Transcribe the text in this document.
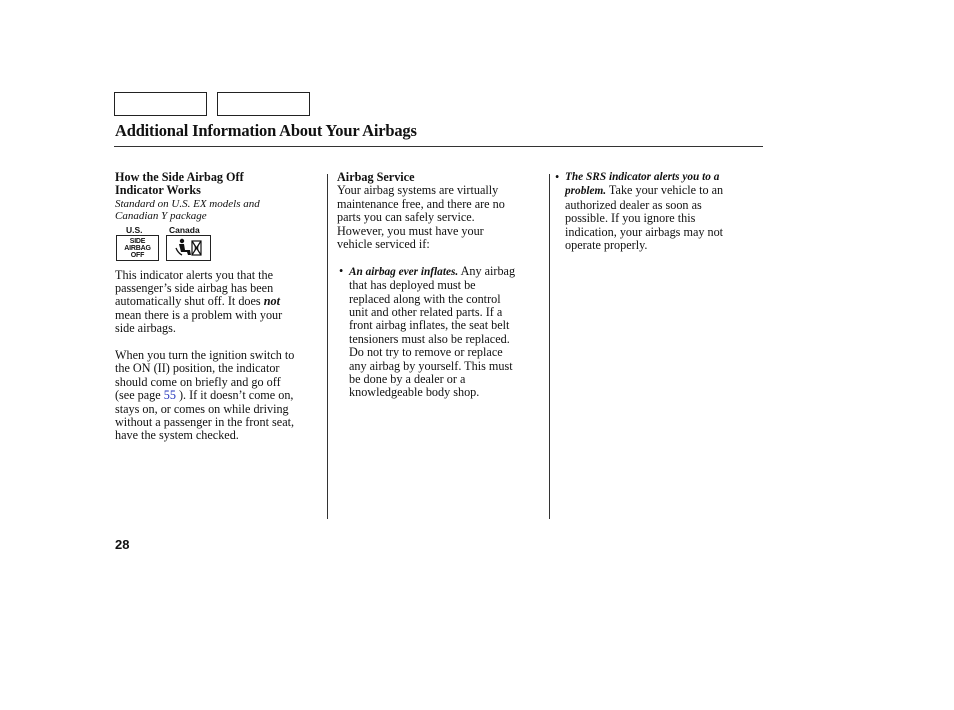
Additional Information About Your Airbags
How the Side Airbag Off
Indicator Works
Standard on U.S. EX models and
Canadian Y package
U.S.	Canada
SIDE
AIRBAG
OFF
This indicator alerts you that the
passenger’s side airbag has been
automatically shut off. It does not
mean there is a problem with your
side airbags.
When you turn the ignition switch to
the ON (II) position, the indicator
should come on briefly and go off
(see page 55 ). If it doesn’t come on,
stays on, or comes on while driving
without a passenger in the front seat,
have the system checked.
Airbag Service
Your airbag systems are virtually
maintenance free, and there are no
parts you can safely service.
However, you must have your
vehicle serviced if:
• An airbag ever inflates. Any airbag
that has deployed must be
replaced along with the control
unit and other related parts. If a
front airbag inflates, the seat belt
tensioners must also be replaced.
Do not try to remove or replace
any airbag by yourself. This must
be done by a dealer or a
knowledgeable body shop.
• The SRS indicator alerts you to a
problem. Take your vehicle to an
authorized dealer as soon as
possible. If you ignore this
indication, your airbags may not
operate properly.
28
